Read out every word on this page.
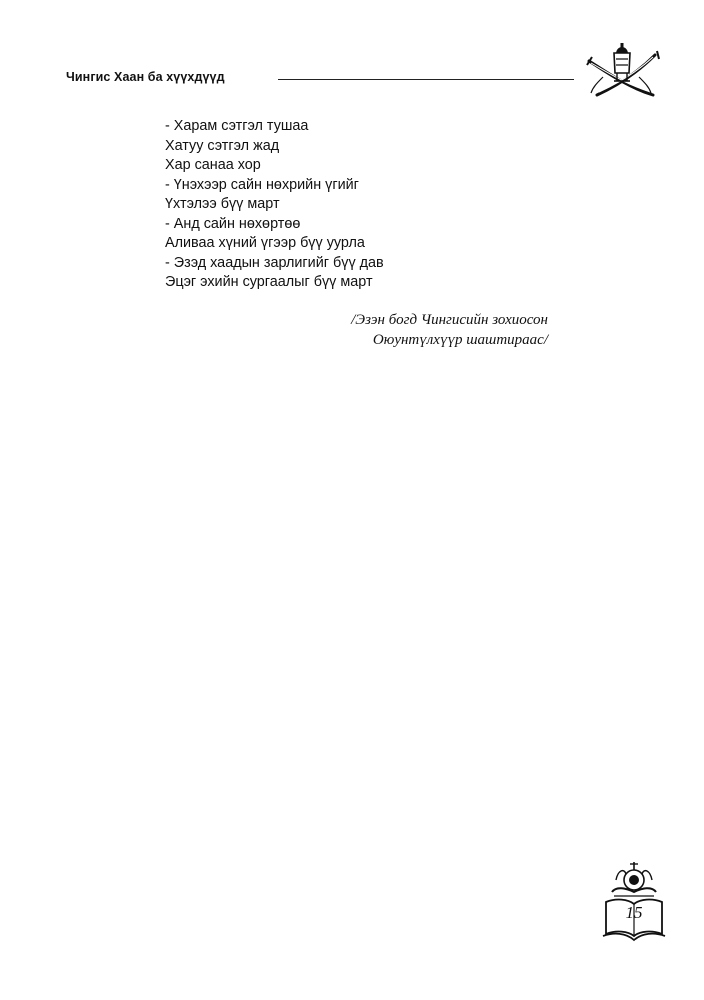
Чингис Хаан ба хүүхдүүд
- Харам сэтгэл тушаа
Хатуу сэтгэл жад
Хар санаа хор
- Үнэхээр сайн нөхрийн үгийг
Үхтэлээ бүү март
- Анд сайн нөхөртөө
Аливаа хүний үгээр бүү уурла
- Эзэд хаадын зарлигийг бүү дав
Эцэг эхийн сургаалыг бүү март
/Эзэн богд Чингисийн зохиосон
Оюунтүлхүүр шаштираас/
15
